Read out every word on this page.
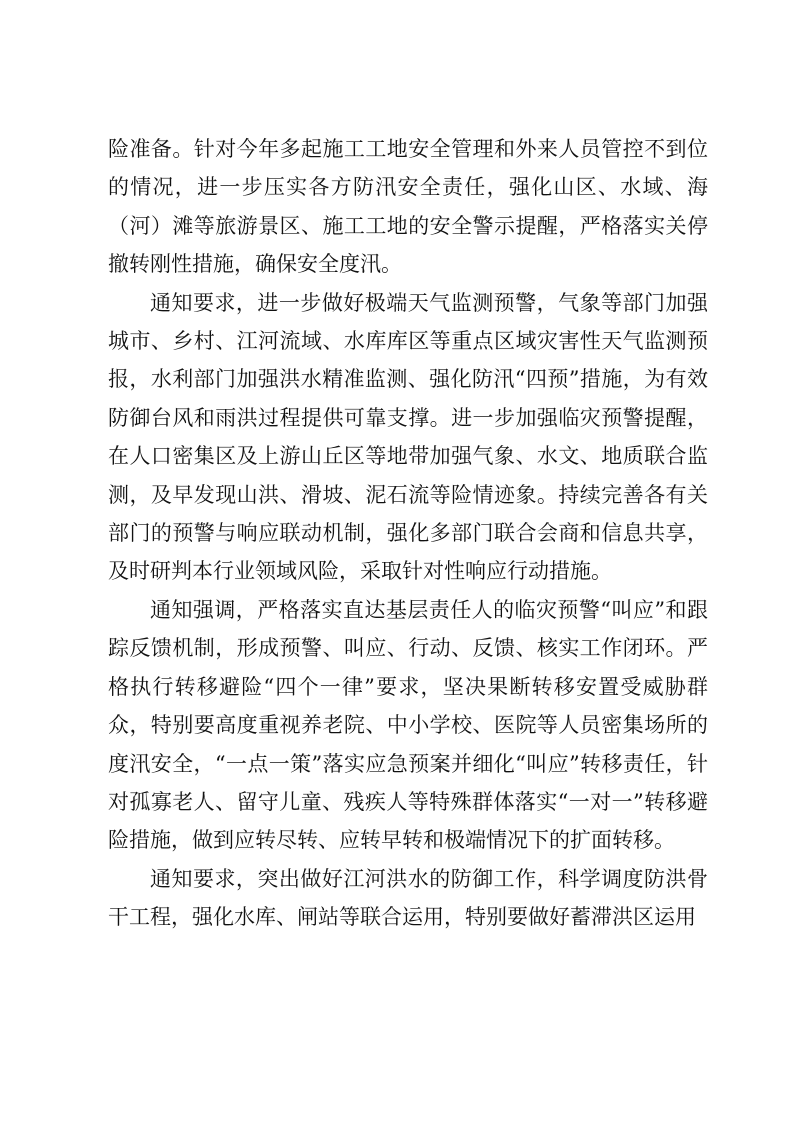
险准备。针对今年多起施工工地安全管理和外来人员管控不到位的情况，进一步压实各方防汛安全责任，强化山区、水域、海（河）滩等旅游景区、施工工地的安全警示提醒，严格落实关停撤转刚性措施，确保安全度汛。

通知要求，进一步做好极端天气监测预警，气象等部门加强城市、乡村、江河流域、水库库区等重点区域灾害性天气监测预报，水利部门加强洪水精准监测、强化防汛“四预”措施，为有效防御台风和雨洪过程提供可靠支撑。进一步加强临灾预警提醒，在人口密集区及上游山丘区等地带加强气象、水文、地质联合监测，及早发现山洪、滑坡、泥石流等险情迹象。持续完善各有关部门的预警与响应联动机制，强化多部门联合会商和信息共享，及时研判本行业领域风险，采取针对性响应行动措施。

通知强调，严格落实直达基层责任人的临灾预警“叫应”和跟踪反馈机制，形成预警、叫应、行动、反馈、核实工作闭环。严格执行转移避险“四个一律”要求，坚决果断转移安置受威胁群众，特别要高度重视养老院、中小学校、医院等人员密集场所的度汛安全，“一点一策”落实应急预案并细化“叫应”转移责任，针对孤寡老人、留守儿童、残疾人等特殊群体落实“一对一”转移避险措施，做到应转尽转、应转早转和极端情况下的扩面转移。

通知要求，突出做好江河洪水的防御工作，科学调度防洪骨干工程，强化水库、闸站等联合运用，特别要做好蓄滞洪区运用
